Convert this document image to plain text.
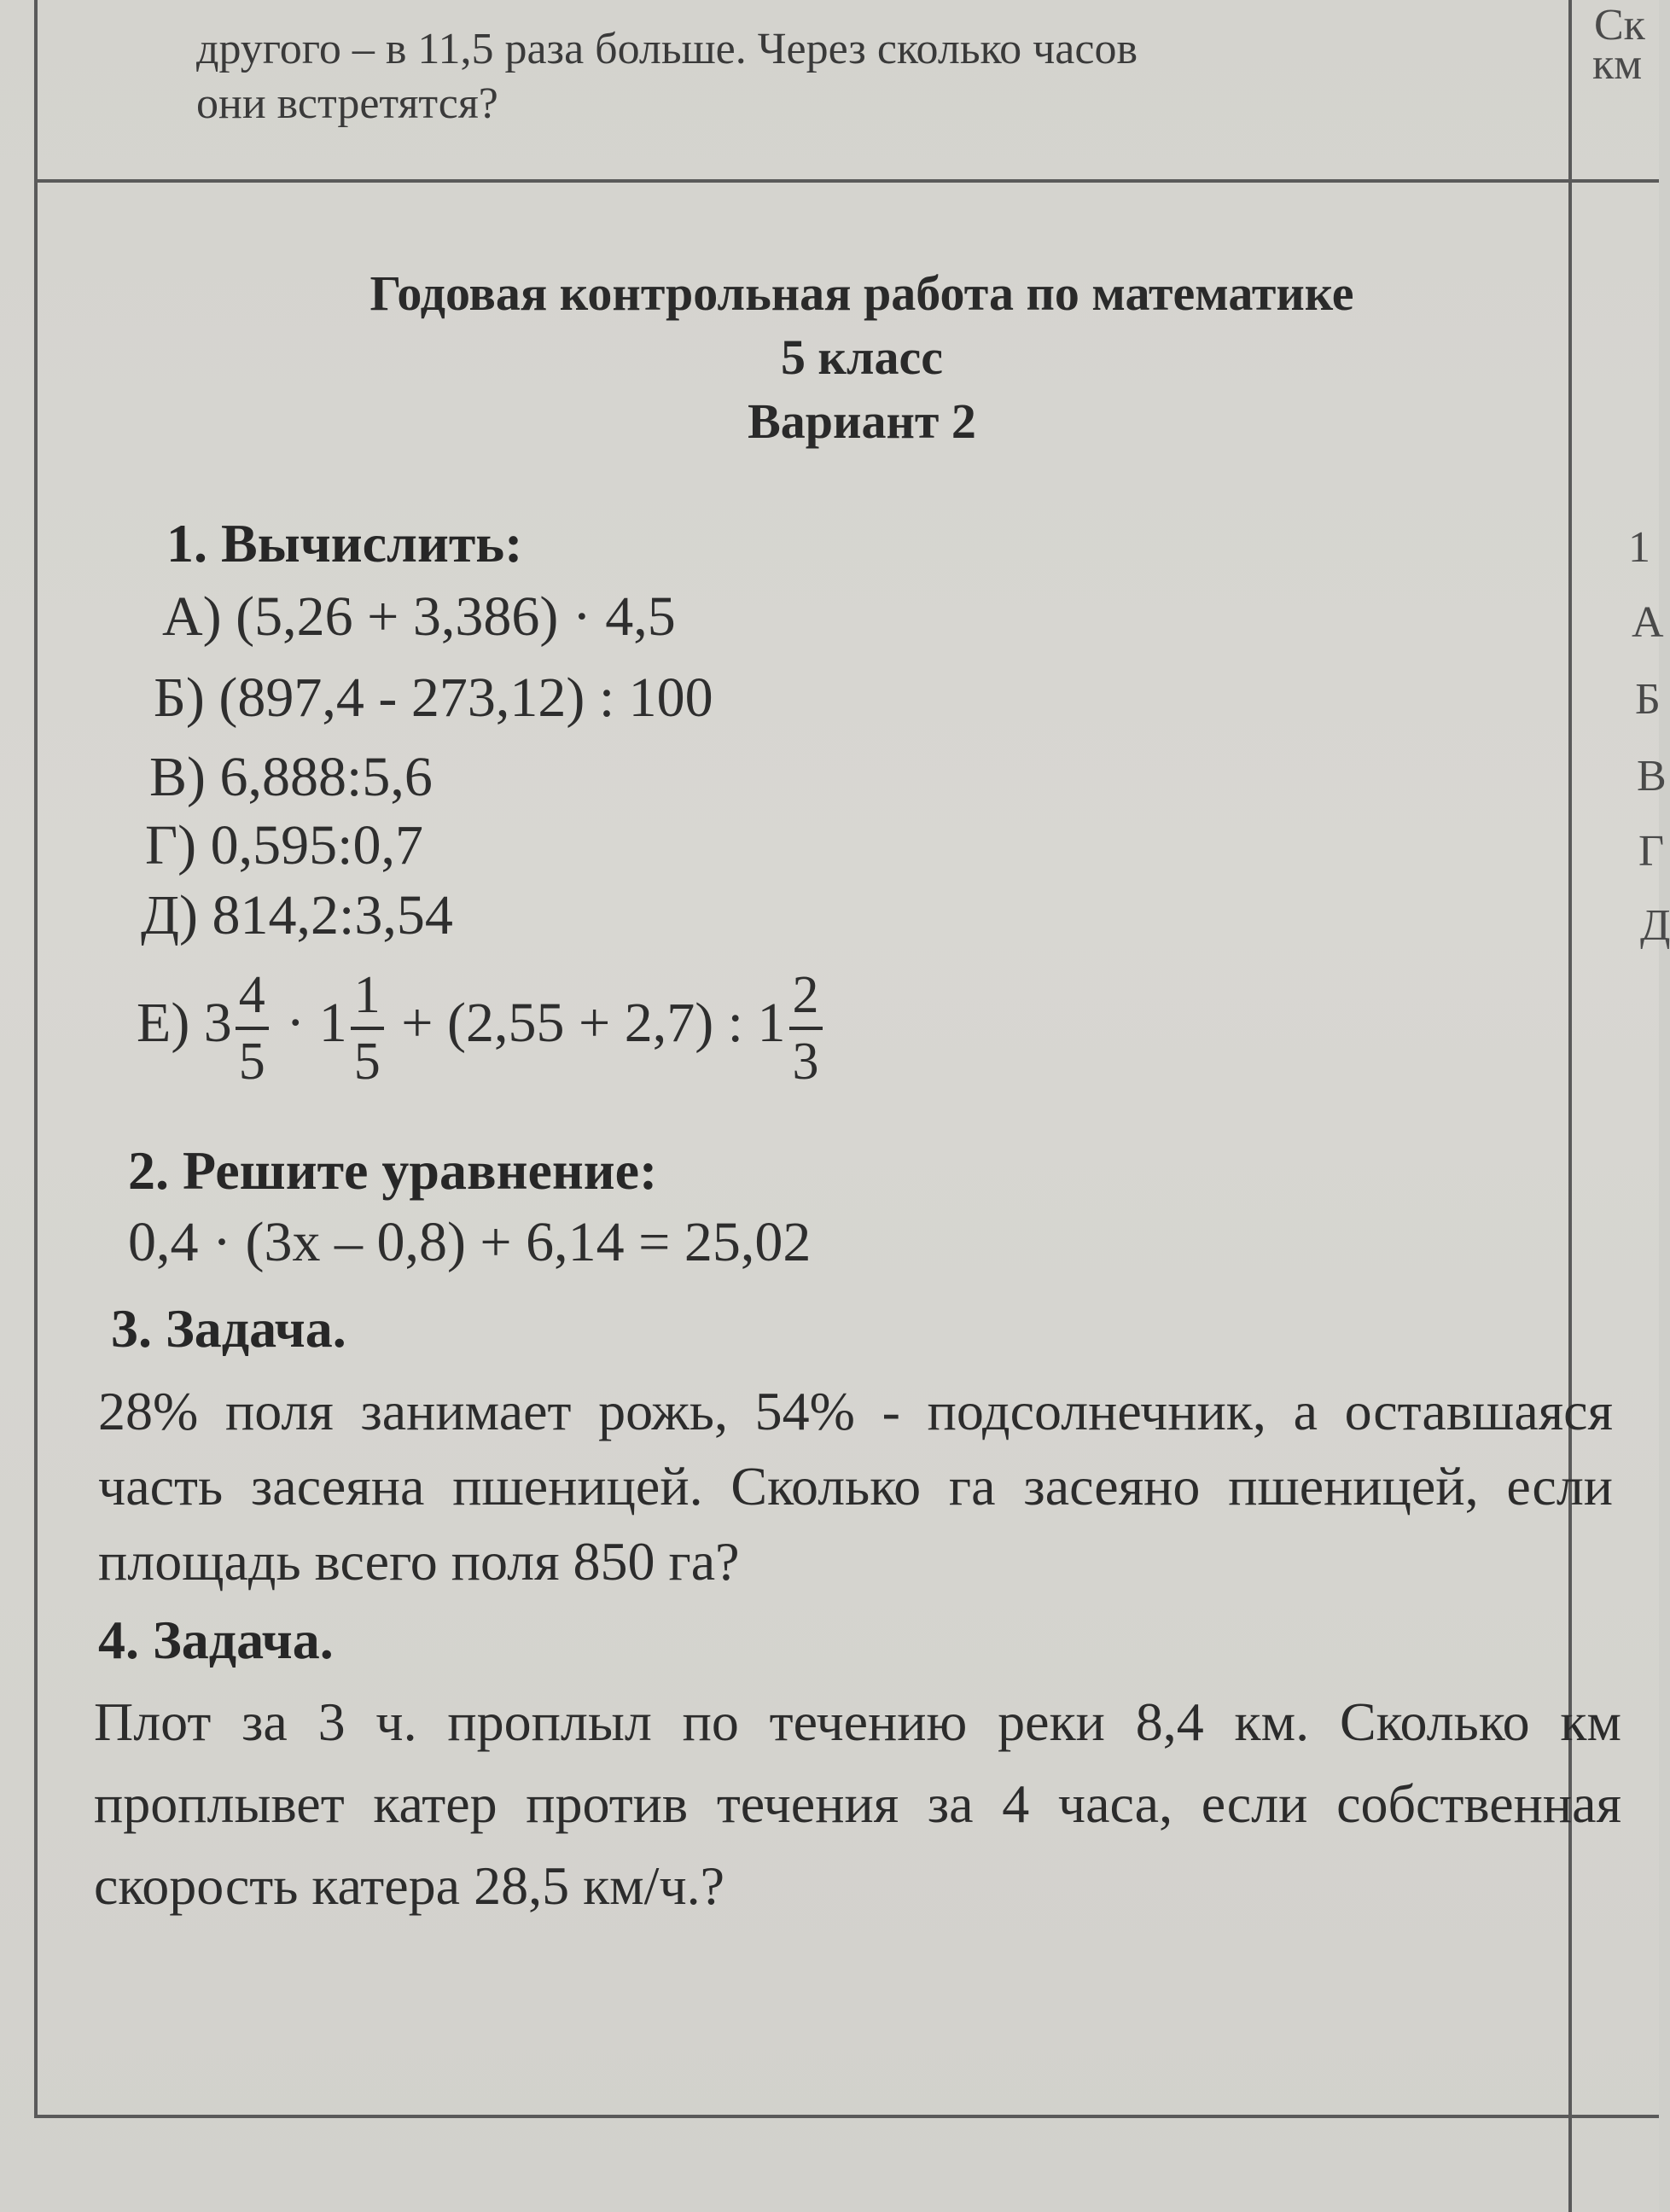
другого – в 11,5 раза больше. Через сколько часов
они встретятся?
Ск
км
Годовая контрольная работа по математике
5 класс
Вариант 2
1. Вычислить:
А) (5,26 + 3,386) · 4,5
Б) (897,4 - 273,12) : 100
В) 6,888:5,6
Г) 0,595:0,7
Д) 814,2:3,54
Е) $3 \frac{4}{5} \cdot 1 \frac{1}{5} + (2,55 + 2,7)$ : $1 \frac{2}{3}$
2. Решите уравнение:
0,4 · (3x – 0,8) + 6,14 = 25,02
3. Задача.
28% поля занимает рожь, 54% - подсолнечник, а оставшаяся часть засеяна пшеницей. Сколько га засеяно пшеницей, если площадь всего поля 850 га?
4. Задача.
Плот за 3 ч. проплыл по течению реки 8,4 км. Сколько км проплывет катер против течения за 4 часа, если собственная скорость катера 28,5 км/ч.?
1
А
Б
В
Г
Д
